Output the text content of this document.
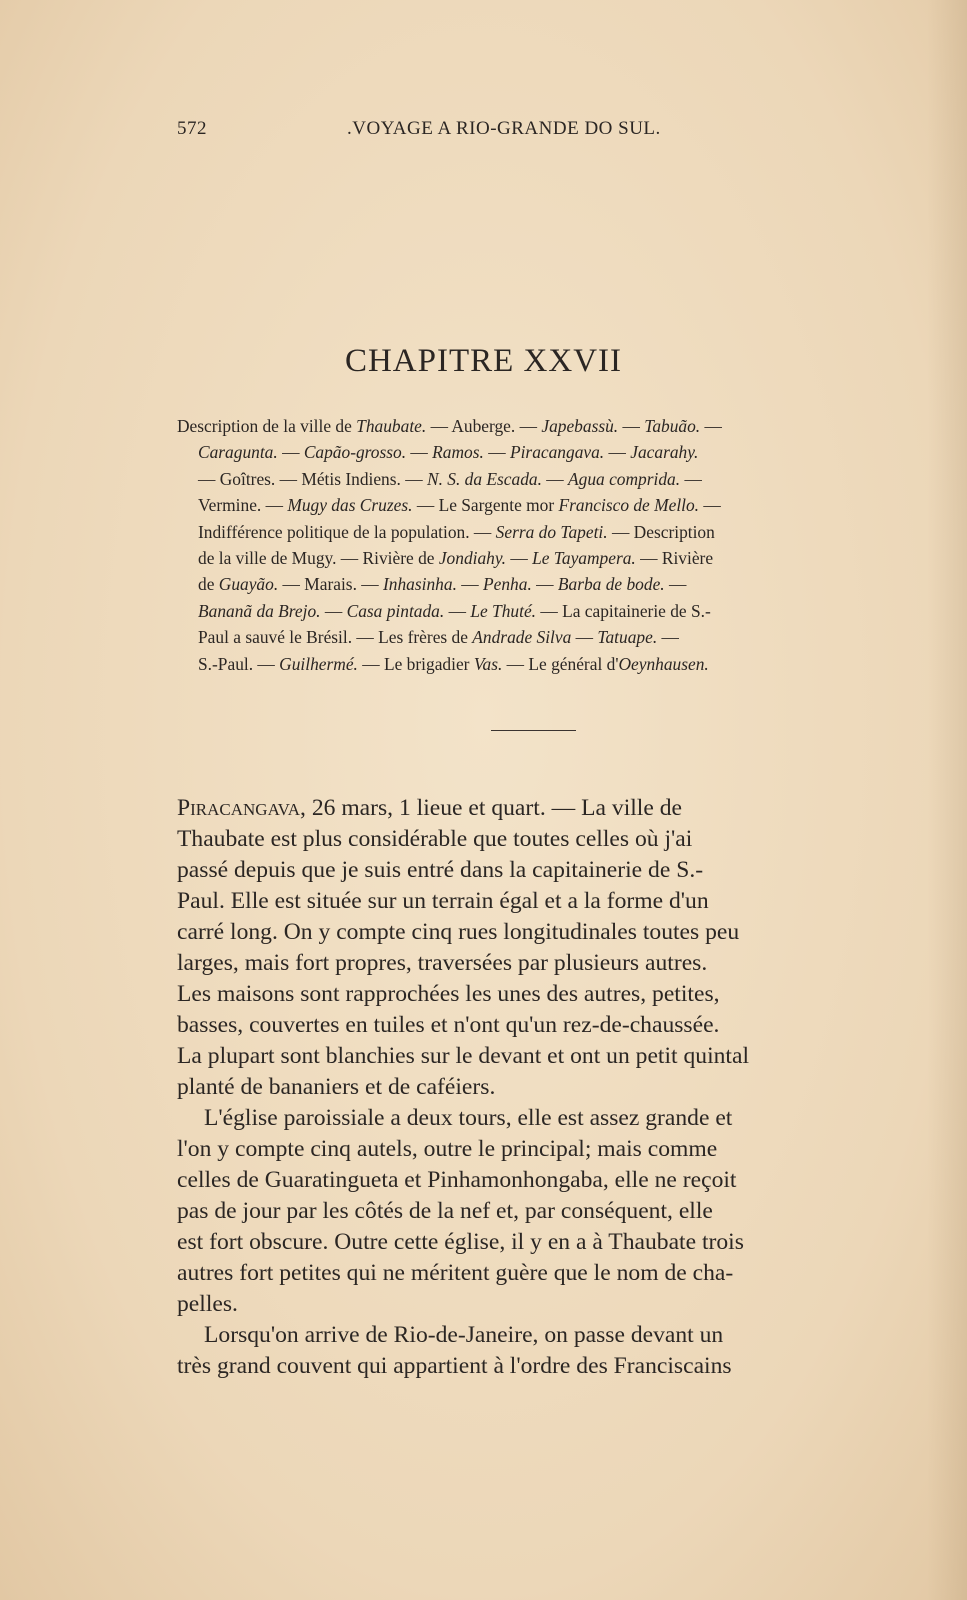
572	.VOYAGE A RIO-GRANDE DO SUL.
CHAPITRE XXVII
Description de la ville de Thaubate. — Auberge. — Japebassù. — Tabuão. —
Caragunta. — Capão-grosso. — Ramos. — Piracangava. — Jacarahy.
— Goîtres. — Métis Indiens. — N. S. da Escada. — Agua comprida. —
Vermine. — Mugy das Cruzes. — Le Sargente mor Francisco de Mello. —
Indifférence politique de la population. — Serra do Tapeti. — Description
de la ville de Mugy. — Rivière de Jondiahy. — Le Tayampera. — Rivière
de Guayão. — Marais. — Inhasinha. — Penha. — Barba de bode. —
Bananã da Brejo. — Casa pintada. — Le Thuté. — La capitainerie de S.-
Paul a sauvé le Brésil. — Les frères de Andrade Silva — Tatuape. —
S.-Paul. — Guilhermé. — Le brigadier Vas. — Le général d'Oeynhausen.
Piracangava, 26 mars, 1 lieue et quart. — La ville de
Thaubate est plus considérable que toutes celles où j'ai
passé depuis que je suis entré dans la capitainerie de S.-
Paul. Elle est située sur un terrain égal et a la forme d'un
carré long. On y compte cinq rues longitudinales toutes peu
larges, mais fort propres, traversées par plusieurs autres.
Les maisons sont rapprochées les unes des autres, petites,
basses, couvertes en tuiles et n'ont qu'un rez-de-chaussée.
La plupart sont blanchies sur le devant et ont un petit quintal
planté de bananiers et de caféiers.
L'église paroissiale a deux tours, elle est assez grande et
l'on y compte cinq autels, outre le principal; mais comme
celles de Guaratingueta et Pinhamonhongaba, elle ne reçoit
pas de jour par les côtés de la nef et, par conséquent, elle
est fort obscure. Outre cette église, il y en a à Thaubate trois
autres fort petites qui ne méritent guère que le nom de cha-
pelles.
Lorsqu'on arrive de Rio-de-Janeire, on passe devant un
très grand couvent qui appartient à l'ordre des Franciscains
